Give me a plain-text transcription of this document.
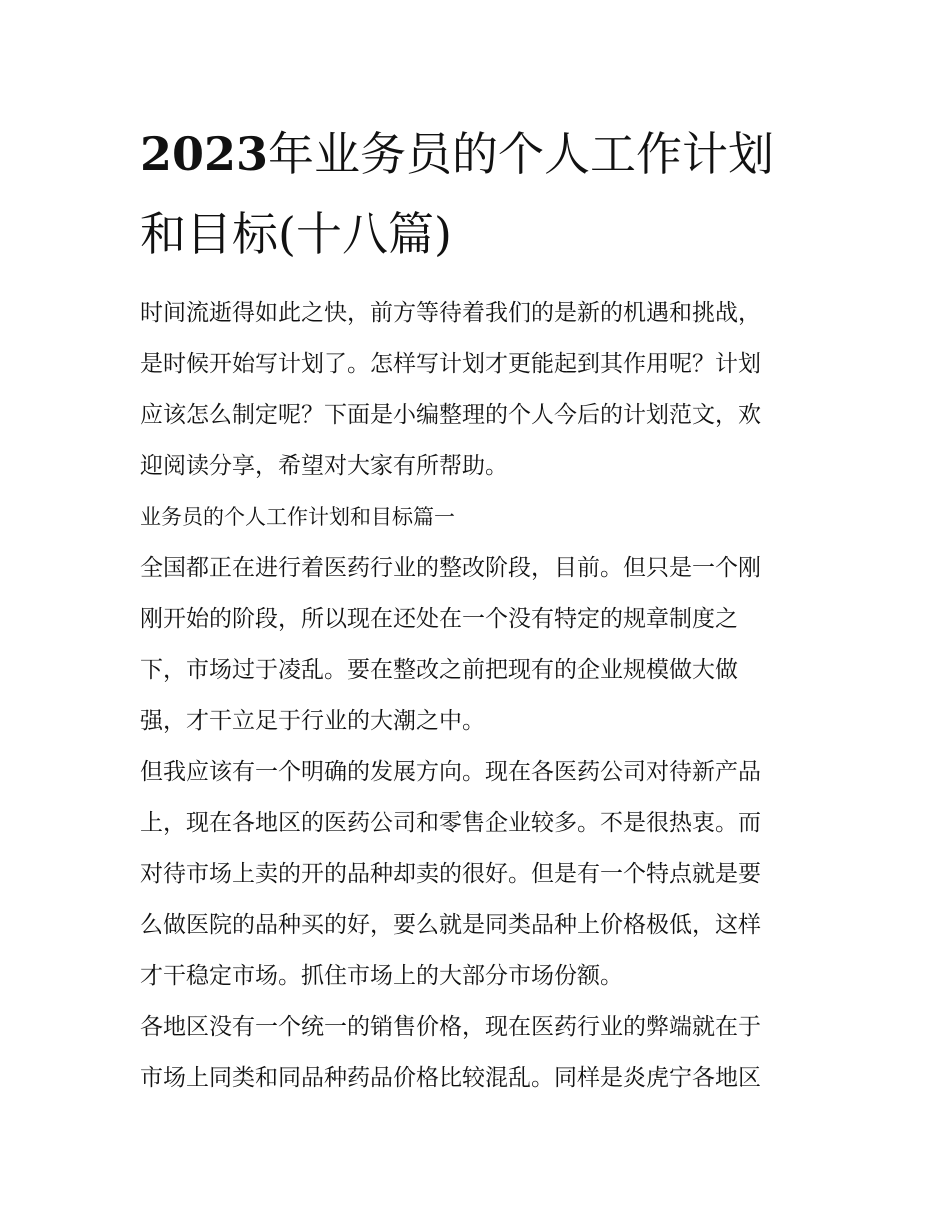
2023年业务员的个人工作计划
和目标(十八篇)

时间流逝得如此之快，前方等待着我们的是新的机遇和挑战，
是时候开始写计划了。怎样写计划才更能起到其作用呢？计划
应该怎么制定呢？下面是小编整理的个人今后的计划范文，欢
迎阅读分享，希望对大家有所帮助。

业务员的个人工作计划和目标篇一

全国都正在进行着医药行业的整改阶段，目前。但只是一个刚
刚开始的阶段，所以现在还处在一个没有特定的规章制度之
下，市场过于凌乱。要在整改之前把现有的企业规模做大做
强，才干立足于行业的大潮之中。

但我应该有一个明确的发展方向。现在各医药公司对待新产品
上，现在各地区的医药公司和零售企业较多。不是很热衷。而
对待市场上卖的开的品种却卖的很好。但是有一个特点就是要
么做医院的品种买的好，要么就是同类品种上价格极低，这样
才干稳定市场。抓住市场上的大部分市场份额。

各地区没有一个统一的销售价格，现在医药行业的弊端就在于
市场上同类和同品种药品价格比较混乱。同样是炎虎宁各地区
